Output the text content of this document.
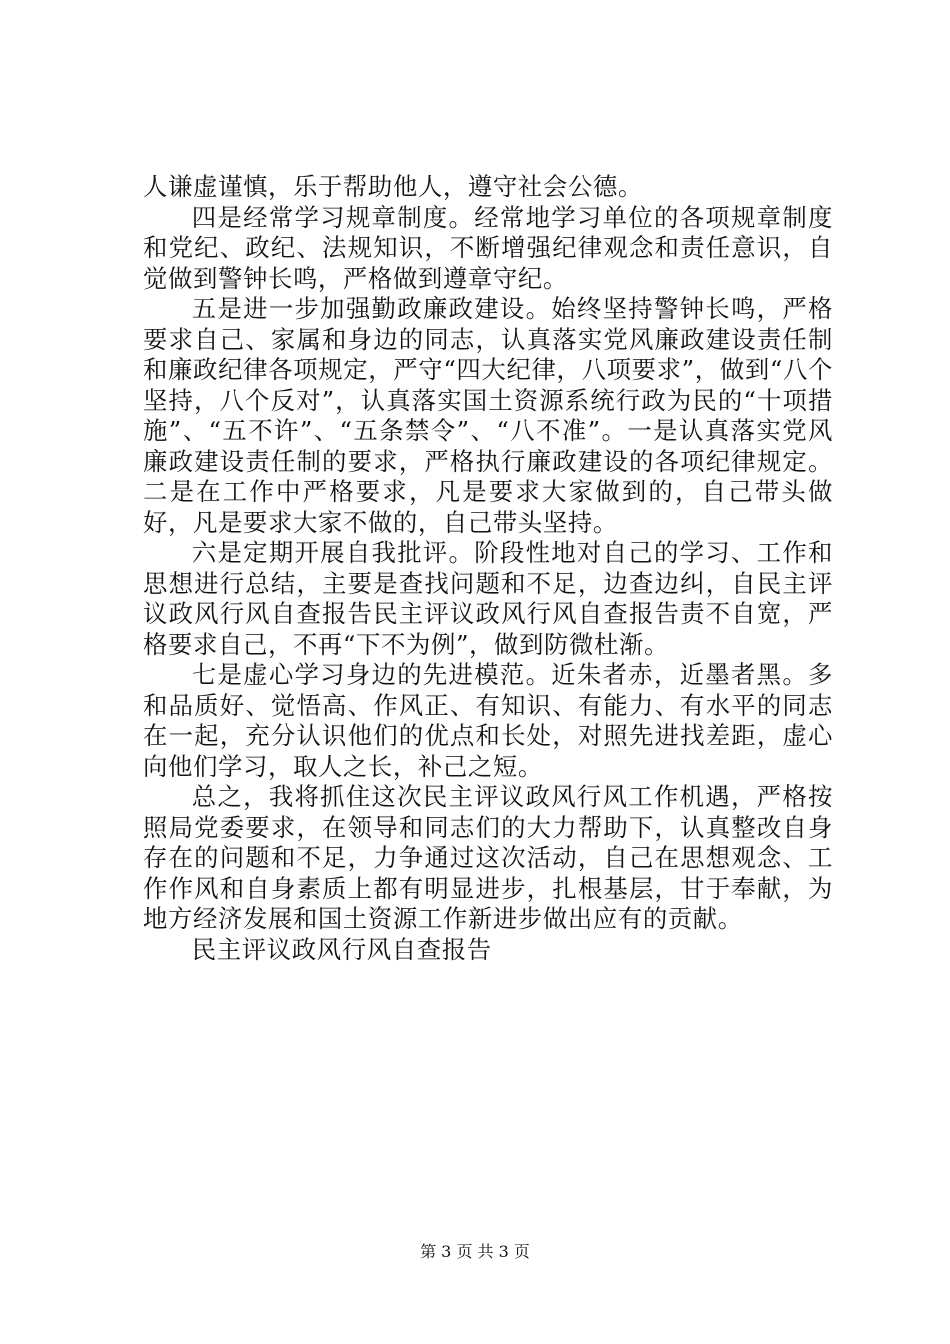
人谦虚谨慎，乐于帮助他人，遵守社会公德。

四是经常学习规章制度。经常地学习单位的各项规章制度和党纪、政纪、法规知识，不断增强纪律观念和责任意识，自觉做到警钟长鸣，严格做到遵章守纪。

五是进一步加强勤政廉政建设。始终坚持警钟长鸣，严格要求自己、家属和身边的同志，认真落实党风廉政建设责任制和廉政纪律各项规定，严守“四大纪律，八项要求”，做到“八个坚持，八个反对”，认真落实国土资源系统行政为民的“十项措施”、“五不许”、“五条禁令”、“八不准”。一是认真落实党风廉政建设责任制的要求，严格执行廉政建设的各项纪律规定。二是在工作中严格要求，凡是要求大家做到的，自己带头做好，凡是要求大家不做的，自己带头坚持。

六是定期开展自我批评。阶段性地对自己的学习、工作和思想进行总结，主要是查找问题和不足，边查边纠，自民主评议政风行风自查报告民主评议政风行风自查报告责不自宽，严格要求自己，不再“下不为例”，做到防微杜渐。

七是虚心学习身边的先进模范。近朱者赤，近墨者黑。多和品质好、觉悟高、作风正、有知识、有能力、有水平的同志在一起，充分认识他们的优点和长处，对照先进找差距，虚心向他们学习，取人之长，补己之短。

总之，我将抓住这次民主评议政风行风工作机遇，严格按照局党委要求，在领导和同志们的大力帮助下，认真整改自身存在的问题和不足，力争通过这次活动，自己在思想观念、工作作风和自身素质上都有明显进步，扎根基层，甘于奉献，为地方经济发展和国土资源工作新进步做出应有的贡献。

民主评议政风行风自查报告

第 3 页 共 3 页
